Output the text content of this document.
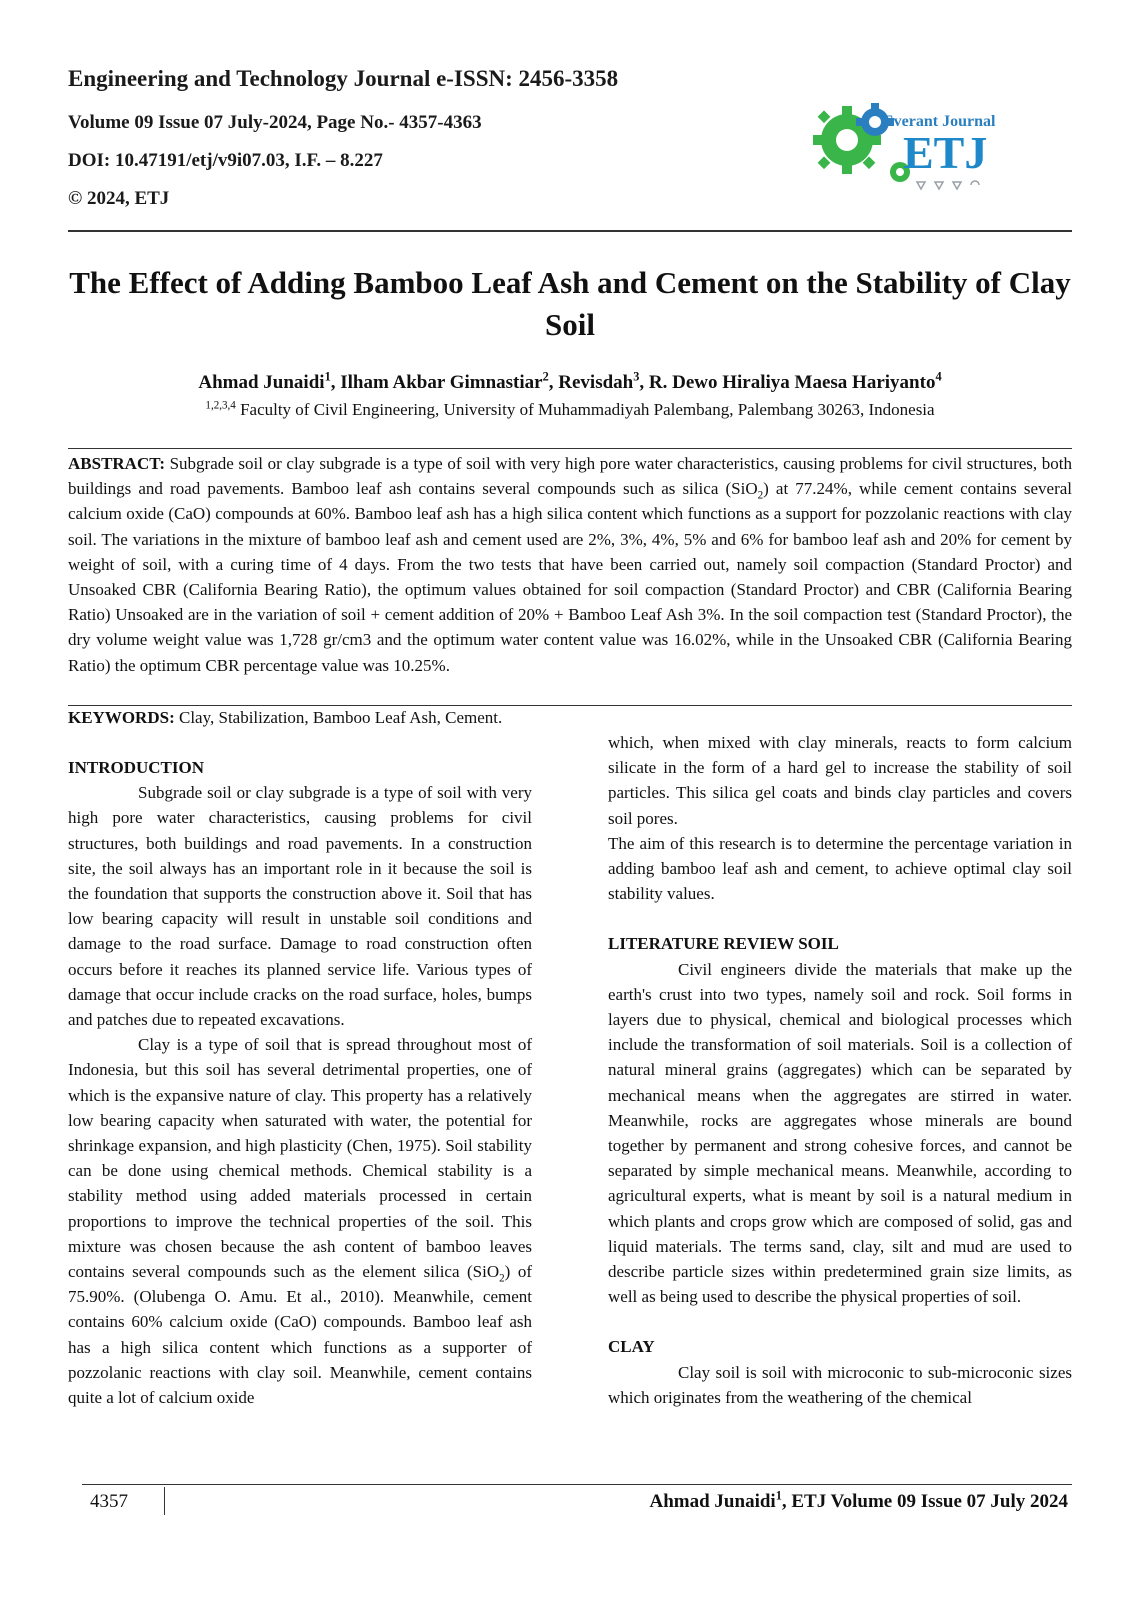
Engineering and Technology Journal e-ISSN: 2456-3358
Volume 09 Issue 07 July-2024, Page No.- 4357-4363
DOI: 10.47191/etj/v9i07.03, I.F. – 8.227
© 2024, ETJ
Everant Journal
ETJ
The Effect of Adding Bamboo Leaf Ash and Cement on the Stability of Clay Soil
Ahmad Junaidi$^1$, Ilham Akbar Gimnastiar$^2$, Revisdah$^3$, R. Dewo Hiraliya Maesa Hariyanto$^4$
$^{1,2,3,4}$ Faculty of Civil Engineering, University of Muhammadiyah Palembang, Palembang 30263, Indonesia
ABSTRACT: Subgrade soil or clay subgrade is a type of soil with very high pore water characteristics, causing problems for civil structures, both buildings and road pavements. Bamboo leaf ash contains several compounds such as silica (SiO$_2$) at 77.24%, while cement contains several calcium oxide (CaO) compounds at 60%. Bamboo leaf ash has a high silica content which functions as a support for pozzolanic reactions with clay soil. The variations in the mixture of bamboo leaf ash and cement used are 2%, 3%, 4%, 5% and 6% for bamboo leaf ash and 20% for cement by weight of soil, with a curing time of 4 days. From the two tests that have been carried out, namely soil compaction (Standard Proctor) and Unsoaked CBR (California Bearing Ratio), the optimum values obtained for soil compaction (Standard Proctor) and CBR (California Bearing Ratio) Unsoaked are in the variation of soil + cement addition of 20% + Bamboo Leaf Ash 3%. In the soil compaction test (Standard Proctor), the dry volume weight value was 1,728 gr/cm3 and the optimum water content value was 16.02%, while in the Unsoaked CBR (California Bearing Ratio) the optimum CBR percentage value was 10.25%.
KEYWORDS: Clay, Stabilization, Bamboo Leaf Ash, Cement.
INTRODUCTION

Subgrade soil or clay subgrade is a type of soil with very high pore water characteristics, causing problems for civil structures, both buildings and road pavements. In a construction site, the soil always has an important role in it because the soil is the foundation that supports the construction above it. Soil that has low bearing capacity will result in unstable soil conditions and damage to the road surface. Damage to road construction often occurs before it reaches its planned service life. Various types of damage that occur include cracks on the road surface, holes, bumps and patches due to repeated excavations.

Clay is a type of soil that is spread throughout most of Indonesia, but this soil has several detrimental properties, one of which is the expansive nature of clay. This property has a relatively low bearing capacity when saturated with water, the potential for shrinkage expansion, and high plasticity (Chen, 1975). Soil stability can be done using chemical methods. Chemical stability is a stability method using added materials processed in certain proportions to improve the technical properties of the soil. This mixture was chosen because the ash content of bamboo leaves contains several compounds such as the element silica (SiO$_2$) of 75.90%. (Olubenga O. Amu. Et al., 2010). Meanwhile, cement contains 60% calcium oxide (CaO) compounds. Bamboo leaf ash has a high silica content which functions as a supporter of pozzolanic reactions with clay soil. Meanwhile, cement contains quite a lot of calcium oxide

which, when mixed with clay minerals, reacts to form calcium silicate in the form of a hard gel to increase the stability of soil particles. This silica gel coats and binds clay particles and covers soil pores.

The aim of this research is to determine the percentage variation in adding bamboo leaf ash and cement, to achieve optimal clay soil stability values.

LITERATURE REVIEW SOIL

Civil engineers divide the materials that make up the earth's crust into two types, namely soil and rock. Soil forms in layers due to physical, chemical and biological processes which include the transformation of soil materials. Soil is a collection of natural mineral grains (aggregates) which can be separated by mechanical means when the aggregates are stirred in water. Meanwhile, rocks are aggregates whose minerals are bound together by permanent and strong cohesive forces, and cannot be separated by simple mechanical means. Meanwhile, according to agricultural experts, what is meant by soil is a natural medium in which plants and crops grow which are composed of solid, gas and liquid materials. The terms sand, clay, silt and mud are used to describe particle sizes within predetermined grain size limits, as well as being used to describe the physical properties of soil.

CLAY

Clay soil is soil with microconic to sub-microconic sizes which originates from the weathering of the chemical

4357	Ahmad Junaidi$^1$, ETJ Volume 09 Issue 07 July 2024
